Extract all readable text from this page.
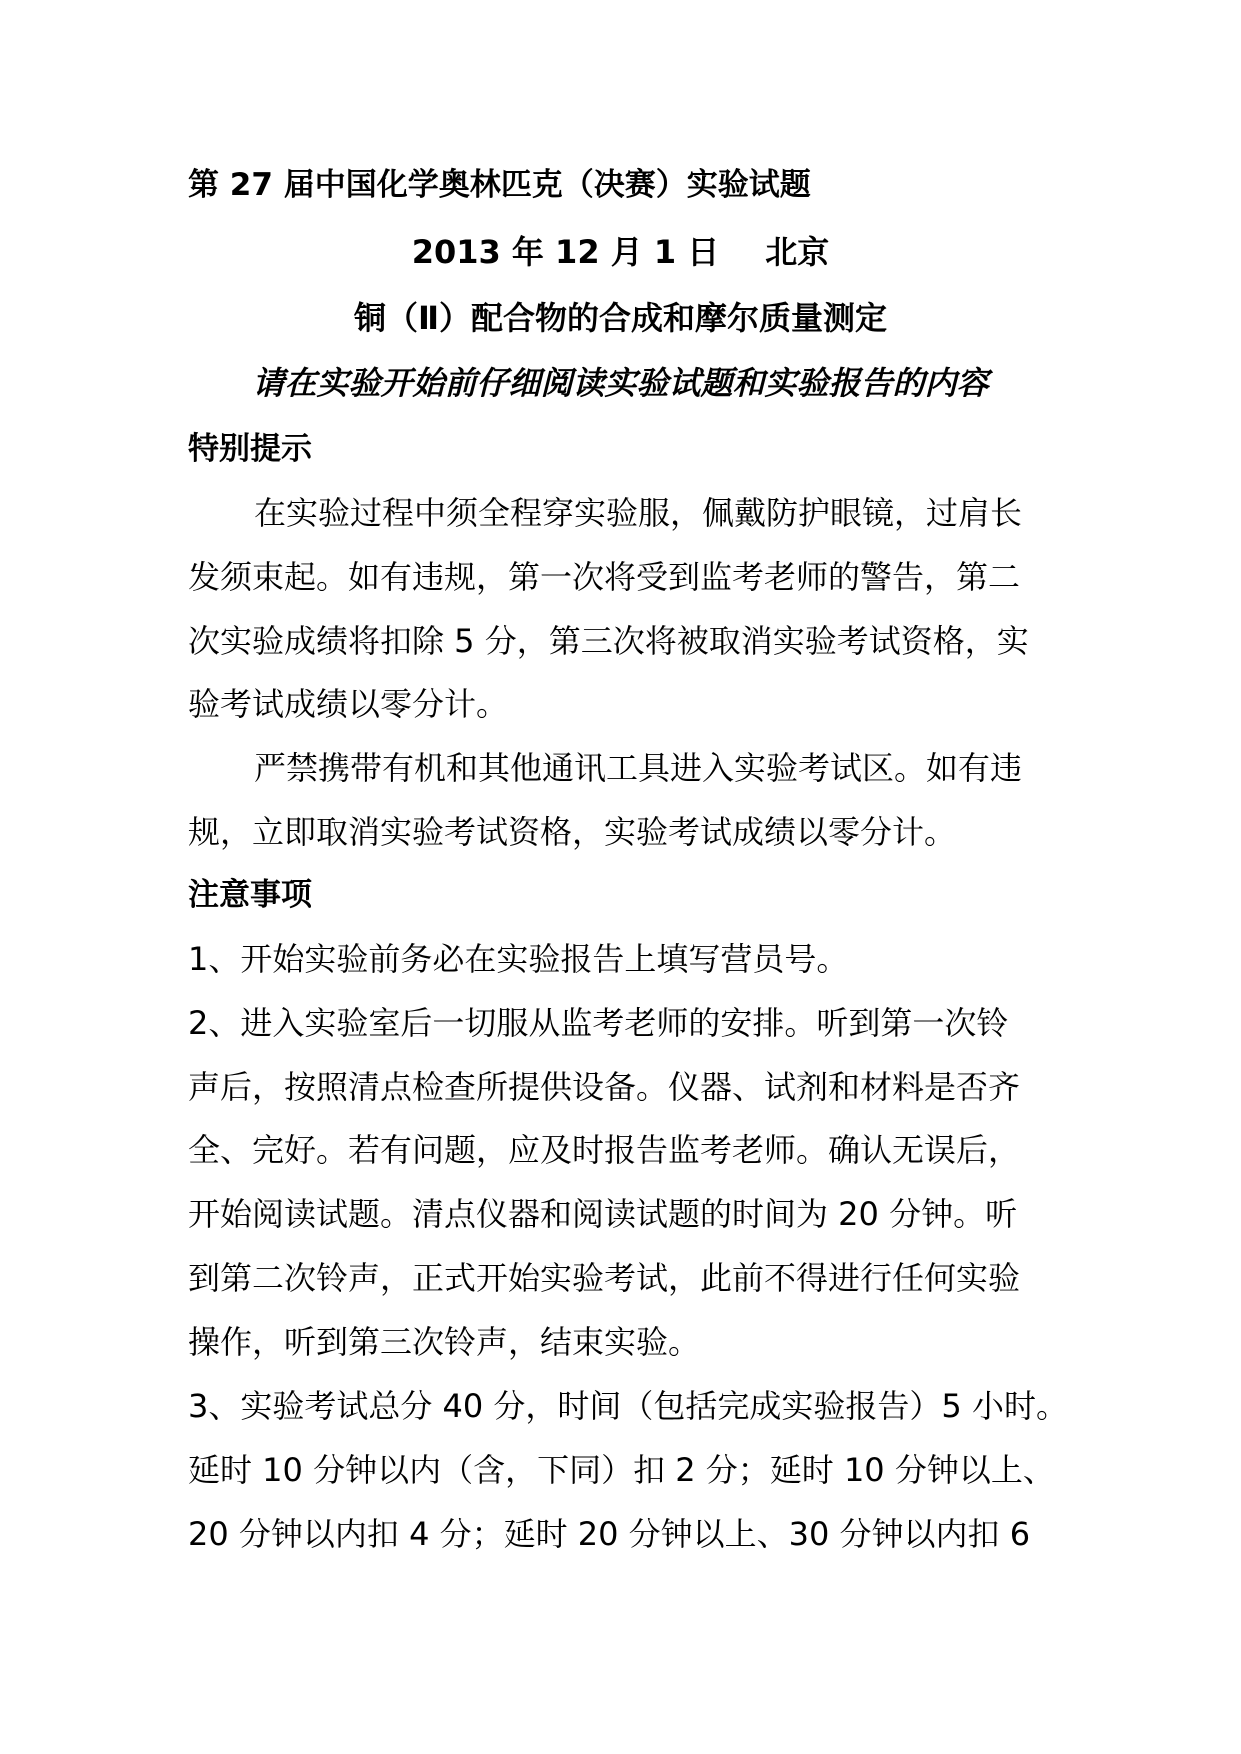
第 27 届中国化学奥林匹克（决赛）实验试题
2013 年 12 月 1 日 北京
铜（Ⅱ）配合物的合成和摩尔质量测定
请在实验开始前仔细阅读实验试题和实验报告的内容
特别提示
在实验过程中须全程穿实验服，佩戴防护眼镜，过肩长
发须束起。如有违规，第一次将受到监考老师的警告，第二
次实验成绩将扣除 5 分，第三次将被取消实验考试资格，实
验考试成绩以零分计。
严禁携带有机和其他通讯工具进入实验考试区。如有违
规，立即取消实验考试资格，实验考试成绩以零分计。
注意事项
1、开始实验前务必在实验报告上填写营员号。
2、进入实验室后一切服从监考老师的安排。听到第一次铃
声后，按照清点检查所提供设备。仪器、试剂和材料是否齐
全、完好。若有问题，应及时报告监考老师。确认无误后，
开始阅读试题。清点仪器和阅读试题的时间为 20 分钟。听
到第二次铃声，正式开始实验考试，此前不得进行任何实验
操作，听到第三次铃声，结束实验。
3、实验考试总分 40 分，时间（包括完成实验报告）5 小时。
延时 10 分钟以内（含，下同）扣 2 分；延时 10 分钟以上、
20 分钟以内扣 4 分；延时 20 分钟以上、30 分钟以内扣 6
